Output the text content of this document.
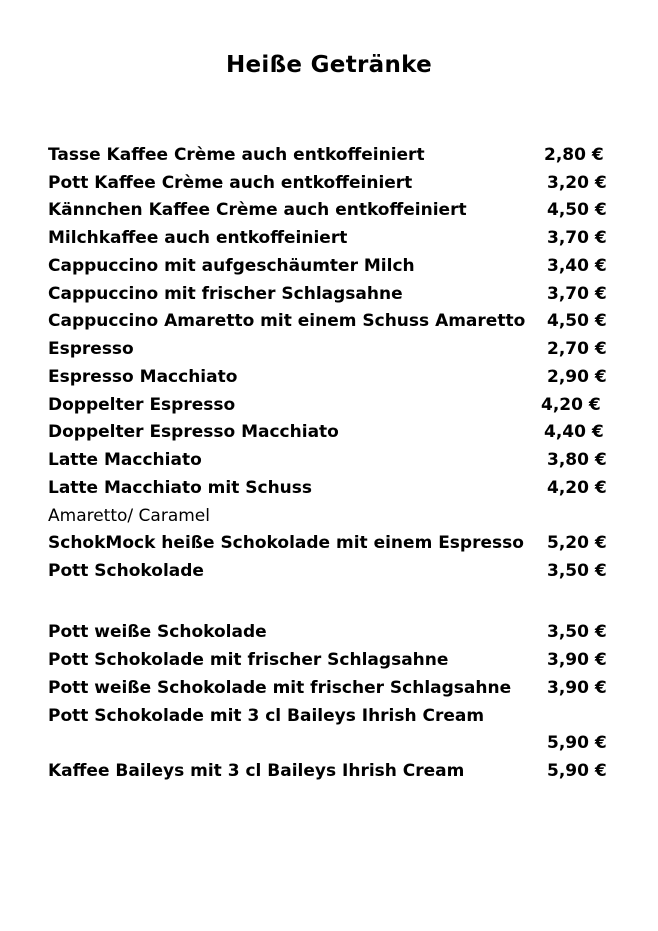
Heiße Getränke
Tasse Kaffee Crème auch entkoffeiniert	2,80 €
Pott Kaffee Crème auch entkoffeiniert	3,20 €
Kännchen Kaffee Crème auch entkoffeiniert	4,50 €
Milchkaffee auch entkoffeiniert	3,70 €
Cappuccino mit aufgeschäumter Milch	3,40 €
Cappuccino mit frischer Schlagsahne	3,70 €
Cappuccino Amaretto mit einem Schuss Amaretto 4,50 €
Espresso	2,70 €
Espresso Macchiato	2,90 €
Doppelter Espresso	4,20 €
Doppelter Espresso Macchiato	4,40 €
Latte Macchiato	3,80 €
Latte Macchiato mit Schuss	4,20 €
Amaretto/ Caramel
SchokMock heiße Schokolade mit einem Espresso 5,20 €
Pott Schokolade	3,50 €
Pott weiße Schokolade	3,50 €
Pott Schokolade mit frischer Schlagsahne	3,90 €
Pott weiße Schokolade mit frischer Schlagsahne 3,90 €
Pott Schokolade mit 3 cl Baileys Ihrish Cream
5,90 €
Kaffee Baileys mit 3 cl Baileys Ihrish Cream	5,90 €
